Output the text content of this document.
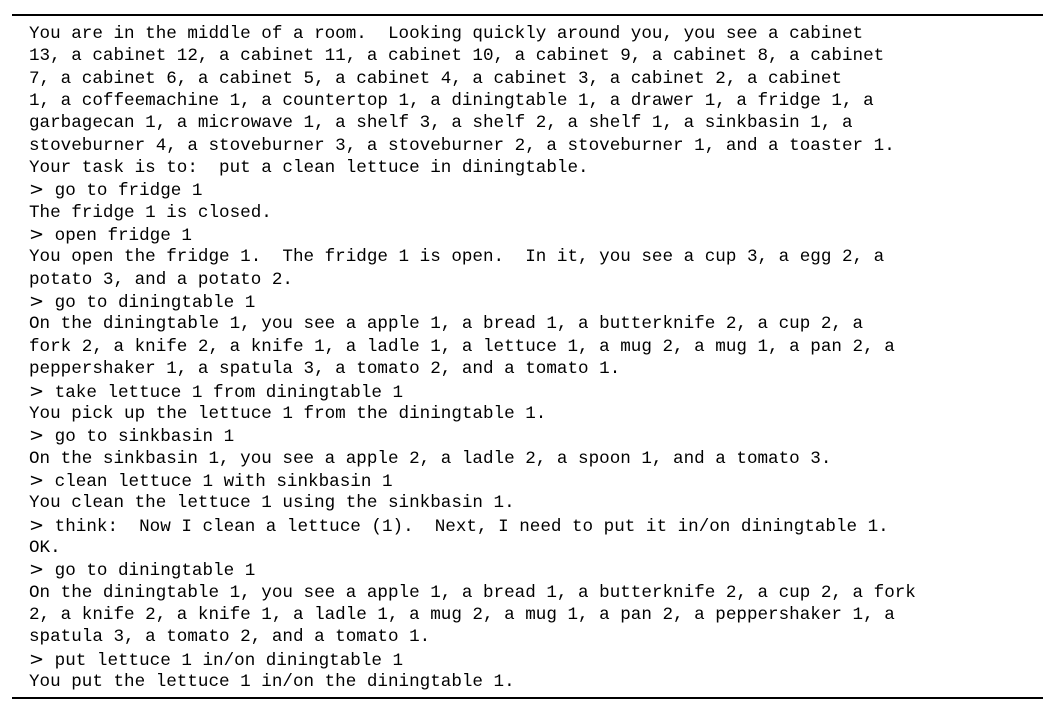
You are in the middle of a room.  Looking quickly around you, you see a cabinet
13, a cabinet 12, a cabinet 11, a cabinet 10, a cabinet 9, a cabinet 8, a cabinet
7, a cabinet 6, a cabinet 5, a cabinet 4, a cabinet 3, a cabinet 2, a cabinet
1, a coffeemachine 1, a countertop 1, a diningtable 1, a drawer 1, a fridge 1, a
garbagecan 1, a microwave 1, a shelf 3, a shelf 2, a shelf 1, a sinkbasin 1, a
stoveburner 4, a stoveburner 3, a stoveburner 2, a stoveburner 1, and a toaster 1.
Your task is to:  put a clean lettuce in diningtable.
> go to fridge 1
The fridge 1 is closed.
> open fridge 1
You open the fridge 1.  The fridge 1 is open.  In it, you see a cup 3, a egg 2, a
potato 3, and a potato 2.
> go to diningtable 1
On the diningtable 1, you see a apple 1, a bread 1, a butterknife 2, a cup 2, a
fork 2, a knife 2, a knife 1, a ladle 1, a lettuce 1, a mug 2, a mug 1, a pan 2, a
peppershaker 1, a spatula 3, a tomato 2, and a tomato 1.
> take lettuce 1 from diningtable 1
You pick up the lettuce 1 from the diningtable 1.
> go to sinkbasin 1
On the sinkbasin 1, you see a apple 2, a ladle 2, a spoon 1, and a tomato 3.
> clean lettuce 1 with sinkbasin 1
You clean the lettuce 1 using the sinkbasin 1.
> think:  Now I clean a lettuce (1).  Next, I need to put it in/on diningtable 1.
OK.
> go to diningtable 1
On the diningtable 1, you see a apple 1, a bread 1, a butterknife 2, a cup 2, a fork
2, a knife 2, a knife 1, a ladle 1, a mug 2, a mug 1, a pan 2, a peppershaker 1, a
spatula 3, a tomato 2, and a tomato 1.
> put lettuce 1 in/on diningtable 1
You put the lettuce 1 in/on the diningtable 1.
